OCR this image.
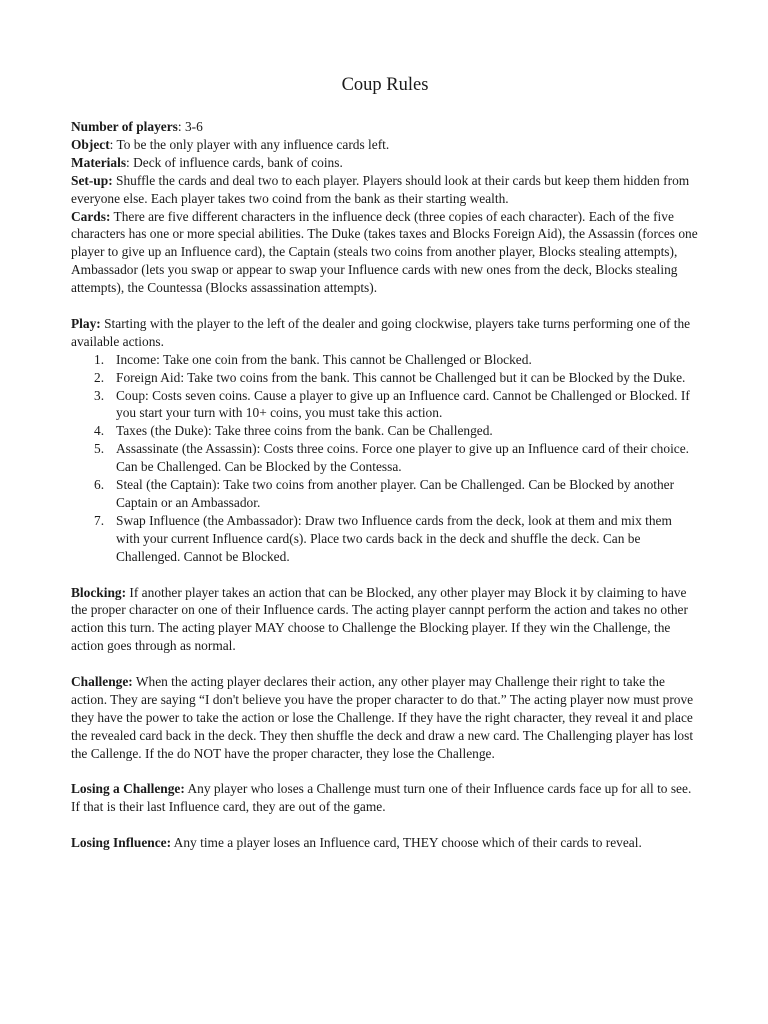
Coup Rules

Number of players: 3-6

Object: To be the only player with any influence cards left.

Materials: Deck of influence cards, bank of coins.

Set-up: Shuffle the cards and deal two to each player. Players should look at their cards but keep them hidden from everyone else. Each player takes two coind from the bank as their starting wealth.

Cards: There are five different characters in the influence deck (three copies of each character). Each of the five characters has one or more special abilities. The Duke (takes taxes and Blocks Foreign Aid), the Assassin (forces one player to give up an Influence card), the Captain (steals two coins from another player, Blocks stealing attempts), Ambassador (lets you swap or appear to swap your Influence cards with new ones from the deck, Blocks stealing attempts), the Countessa (Blocks assassination attempts).

Play: Starting with the player to the left of the dealer and going clockwise, players take turns performing one of the available actions.

1. Income: Take one coin from the bank. This cannot be Challenged or Blocked.
2. Foreign Aid: Take two coins from the bank. This cannot be Challenged but it can be Blocked by the Duke.
3. Coup: Costs seven coins. Cause a player to give up an Influence card. Cannot be Challenged or Blocked. If you start your turn with 10+ coins, you must take this action.
4. Taxes (the Duke): Take three coins from the bank. Can be Challenged.
5. Assassinate (the Assassin): Costs three coins. Force one player to give up an Influence card of their choice. Can be Challenged. Can be Blocked by the Contessa.
6. Steal (the Captain): Take two coins from another player. Can be Challenged. Can be Blocked by another Captain or an Ambassador.
7. Swap Influence (the Ambassador): Draw two Influence cards from the deck, look at them and mix them with your current Influence card(s). Place two cards back in the deck and shuffle the deck. Can be Challenged. Cannot be Blocked.

Blocking: If another player takes an action that can be Blocked, any other player may Block it by claiming to have the proper character on one of their Influence cards. The acting player cannpt perform the action and takes no other action this turn. The acting player MAY choose to Challenge the Blocking player. If they win the Challenge, the action goes through as normal.

Challenge: When the acting player declares their action, any other player may Challenge their right to take the action. They are saying “I don't believe you have the proper character to do that.” The acting player now must prove they have the power to take the action or lose the Challenge. If they have the right character, they reveal it and place the revealed card back in the deck. They then shuffle the deck and draw a new card. The Challenging player has lost the Callenge. If the do NOT have the proper character, they lose the Challenge.

Losing a Challenge: Any player who loses a Challenge must turn one of their Influence cards face up for all to see. If that is their last Influence card, they are out of the game.

Losing Influence: Any time a player loses an Influence card, THEY choose which of their cards to reveal.
